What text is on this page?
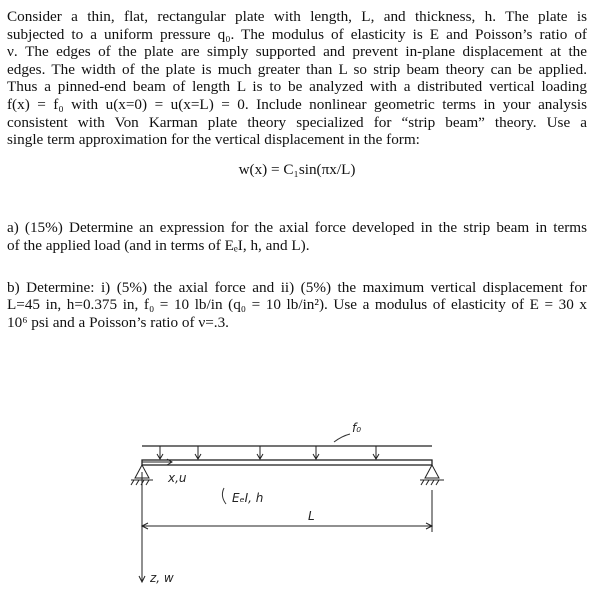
Consider a thin, flat, rectangular plate with length, L, and thickness, h. The plate is
subjected to a uniform pressure q₀. The modulus of elasticity is E and Poisson’s ratio of
ν. The edges of the plate are simply supported and prevent in-plane displacement at the
edges. The width of the plate is much greater than L so strip beam theory can be applied.
Thus a pinned-end beam of length L is to be analyzed with a distributed vertical loading
f(x) = f₀ with u(x=0) = u(x=L) = 0. Include nonlinear geometric terms in your analysis
consistent with Von Karman plate theory specialized for “strip beam” theory. Use a
single term approximation for the vertical displacement in the form:
w(x) = C₁sin(πx/L)
a) (15%) Determine an expression for the axial force developed in the strip beam in terms
of the applied load (and in terms of EₑI, h, and L).
b) Determine: i) (5%) the axial force and ii) (5%) the maximum vertical displacement for
L=45 in, h=0.375 in, f₀ = 10 lb/in (q₀ = 10 lb/in²). Use a modulus of elasticity of E = 30 x
10⁶ psi and a Poisson’s ratio of ν=.3.
f₀
x,u
EₑI, h
L
z, w
